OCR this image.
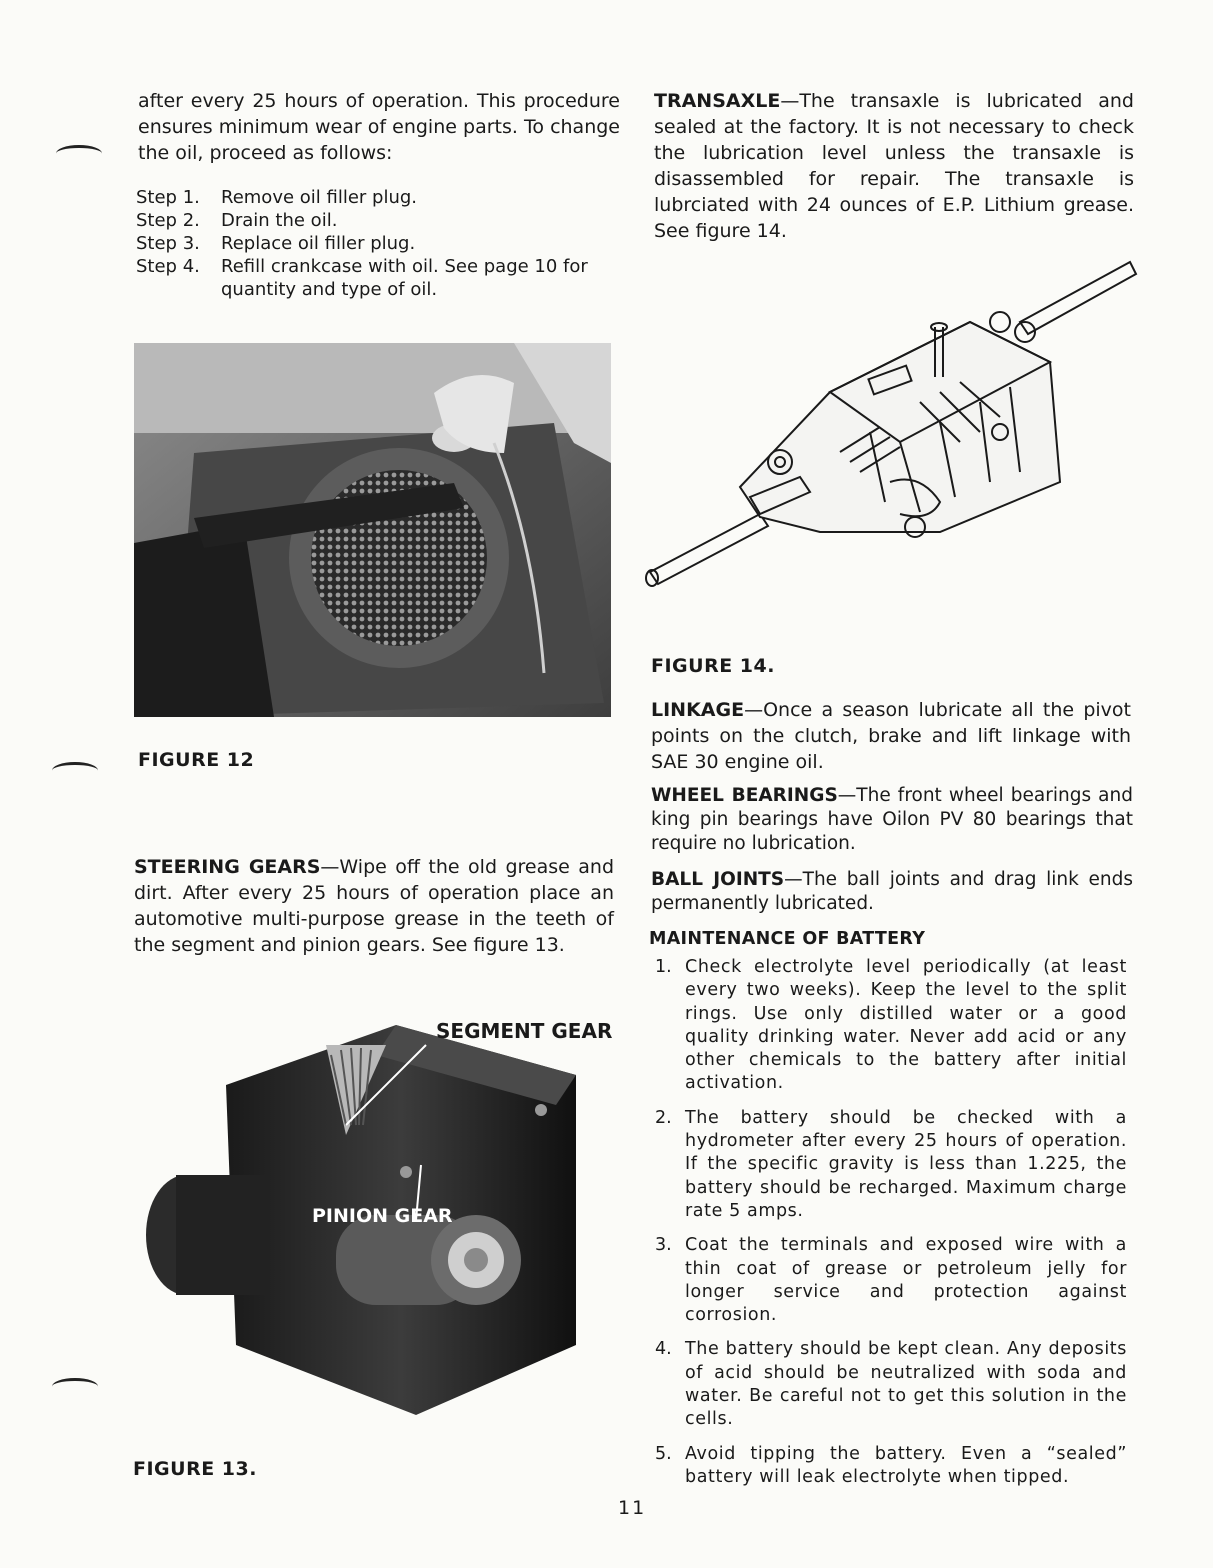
after every 25 hours of operation. This procedure ensures minimum wear of engine parts. To change the oil, proceed as follows:

Step 1.	Remove oil filler plug.
Step 2.	Drain the oil.
Step 3.	Replace oil filler plug.
Step 4.	Refill crankcase with oil. See page 10 for quantity and type of oil.
FIGURE 12

STEERING GEARS—Wipe off the old grease and dirt. After every 25 hours of operation place an automotive multi-purpose grease in the teeth of the segment and pinion gears. See figure 13.

SEGMENT GEAR
PINION GEAR
FIGURE 13.

TRANSAXLE—The transaxle is lubricated and sealed at the factory. It is not necessary to check the lubrication level unless the transaxle is disassembled for repair. The transaxle is lubrciated with 24 ounces of E.P. Lithium grease. See figure 14.

FIGURE 14.

LINKAGE—Once a season lubricate all the pivot points on the clutch, brake and lift linkage with SAE 30 engine oil.

WHEEL BEARINGS—The front wheel bearings and king pin bearings have Oilon PV 80 bearings that require no lubrication.

BALL JOINTS—The ball joints and drag link ends permanently lubricated.

MAINTENANCE OF BATTERY
1. Check electrolyte level periodically (at least every two weeks). Keep the level to the split rings. Use only distilled water or a good quality drinking water. Never add acid or any other chemicals to the battery after initial activation.
2. The battery should be checked with a hydrometer after every 25 hours of operation. If the specific gravity is less than 1.225, the battery should be recharged. Maximum charge rate 5 amps.
3. Coat the terminals and exposed wire with a thin coat of grease or petroleum jelly for longer service and protection against corrosion.
4. The battery should be kept clean. Any deposits of acid should be neutralized with soda and water. Be careful not to get this solution in the cells.
5. Avoid tipping the battery. Even a “sealed” battery will leak electrolyte when tipped.
11
